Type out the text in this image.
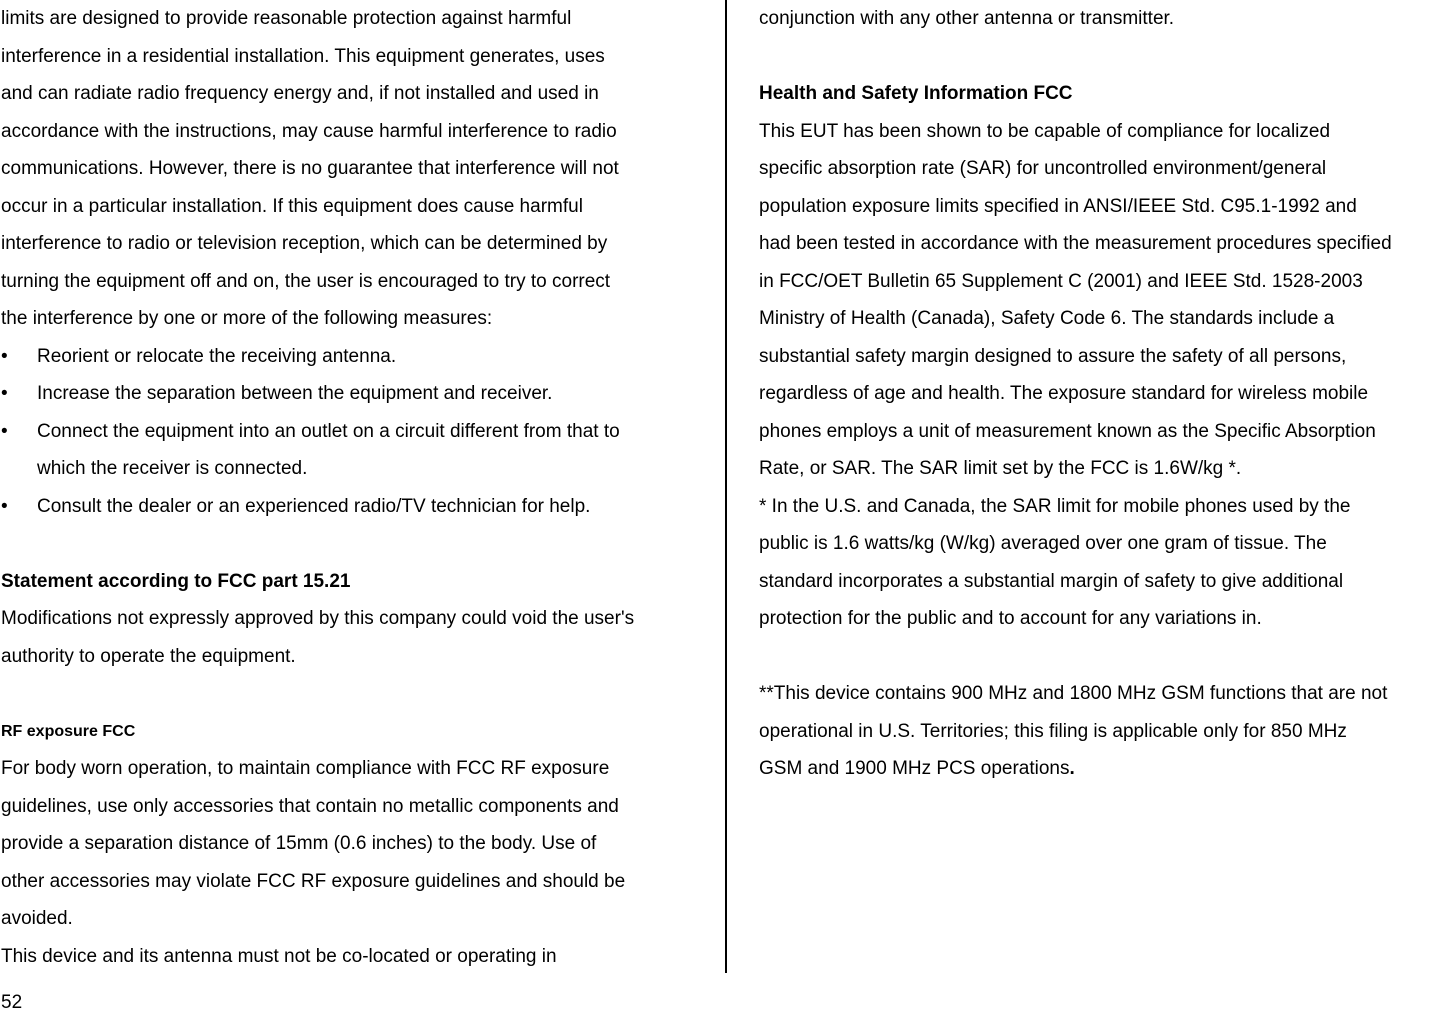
limits are designed to provide reasonable protection against harmful

interference in a residential installation. This equipment generates, uses

and can radiate radio frequency energy and, if not installed and used in

accordance with the instructions, may cause harmful interference to radio

communications. However, there is no guarantee that interference will not

occur in a particular installation. If this equipment does cause harmful

interference to radio or television reception, which can be determined by

turning the equipment off and on, the user is encouraged to try to correct

the interference by one or more of the following measures:

• Reorient or relocate the receiving antenna.
• Increase the separation between the equipment and receiver.
• Connect the equipment into an outlet on a circuit different from that to
which the receiver is connected.
• Consult the dealer or an experienced radio/TV technician for help.

Statement according to FCC part 15.21

Modifications not expressly approved by this company could void the user's

authority to operate the equipment.

RF exposure FCC

For body worn operation, to maintain compliance with FCC RF exposure

guidelines, use only accessories that contain no metallic components and

provide a separation distance of 15mm (0.6 inches) to the body. Use of

other accessories may violate FCC RF exposure guidelines and should be

avoided.

This device and its antenna must not be co-located or operating in

conjunction with any other antenna or transmitter.

Health and Safety Information FCC

This EUT has been shown to be capable of compliance for localized

specific absorption rate (SAR) for uncontrolled environment/general

population exposure limits specified in ANSI/IEEE Std. C95.1-1992 and

had been tested in accordance with the measurement procedures specified

in FCC/OET Bulletin 65 Supplement C (2001) and IEEE Std. 1528-2003

Ministry of Health (Canada), Safety Code 6. The standards include a

substantial safety margin designed to assure the safety of all persons,

regardless of age and health. The exposure standard for wireless mobile

phones employs a unit of measurement known as the Specific Absorption

Rate, or SAR. The SAR limit set by the FCC is 1.6W/kg *.

* In the U.S. and Canada, the SAR limit for mobile phones used by the

public is 1.6 watts/kg (W/kg) averaged over one gram of tissue. The

standard incorporates a substantial margin of safety to give additional

protection for the public and to account for any variations in.

**This device contains 900 MHz and 1800 MHz GSM functions that are not

operational in U.S. Territories; this filing is applicable only for 850 MHz

GSM and 1900 MHz PCS operations.

52
